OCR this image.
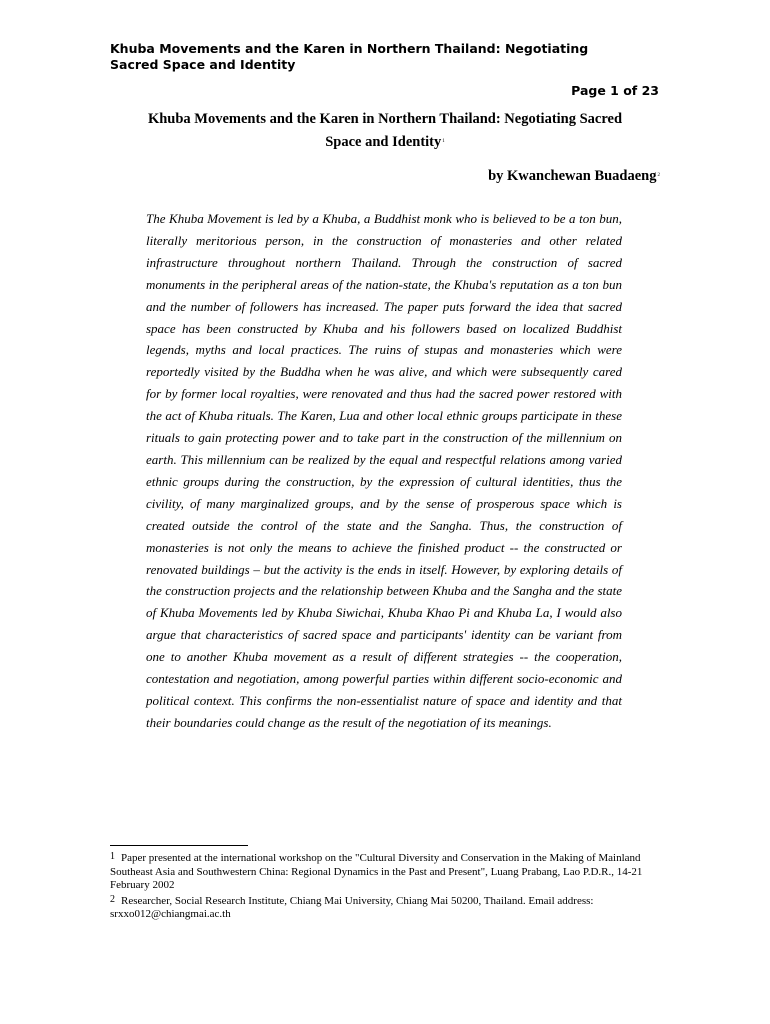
Khuba Movements and the Karen in Northern Thailand: Negotiating Sacred Space and Identity
Page 1 of 23
Khuba Movements and the Karen in Northern Thailand: Negotiating Sacred
Space and Identity$^1$
by Kwanchewan Buadaeng$^2$

The Khuba Movement is led by a Khuba, a Buddhist monk who is believed to be a ton bun, literally meritorious person, in the construction of monasteries and other related infrastructure throughout northern Thailand. Through the construction of sacred monuments in the peripheral areas of the nation-state, the Khuba's reputation as a ton bun and the number of followers has increased. The paper puts forward the idea that sacred space has been constructed by Khuba and his followers based on localized Buddhist legends, myths and local practices. The ruins of stupas and monasteries which were reportedly visited by the Buddha when he was alive, and which were subsequently cared for by former local royalties, were renovated and thus had the sacred power restored with the act of Khuba rituals. The Karen, Lua and other local ethnic groups participate in these rituals to gain protecting power and to take part in the construction of the millennium on earth. This millennium can be realized by the equal and respectful relations among varied ethnic groups during the construction, by the expression of cultural identities, thus the civility, of many marginalized groups, and by the sense of prosperous space which is created outside the control of the state and the Sangha. Thus, the construction of monasteries is not only the means to achieve the finished product -- the constructed or renovated buildings – but the activity is the ends in itself. However, by exploring details of the construction projects and the relationship between Khuba and the Sangha and the state of Khuba Movements led by Khuba Siwichai, Khuba Khao Pi and Khuba La, I would also argue that characteristics of sacred space and participants' identity can be variant from one to another Khuba movement as a result of different strategies -- the cooperation, contestation and negotiation, among powerful parties within different socio-economic and political context. This confirms the non-essentialist nature of space and identity and that their boundaries could change as the result of the negotiation of its meanings.

1 Paper presented at the international workshop on the "Cultural Diversity and Conservation in the Making of Mainland Southeast Asia and Southwestern China: Regional Dynamics in the Past and Present", Luang Prabang, Lao P.D.R., 14-21 February 2002

2 Researcher, Social Research Institute, Chiang Mai University, Chiang Mai 50200, Thailand. Email address: srxxo012@chiangmai.ac.th
